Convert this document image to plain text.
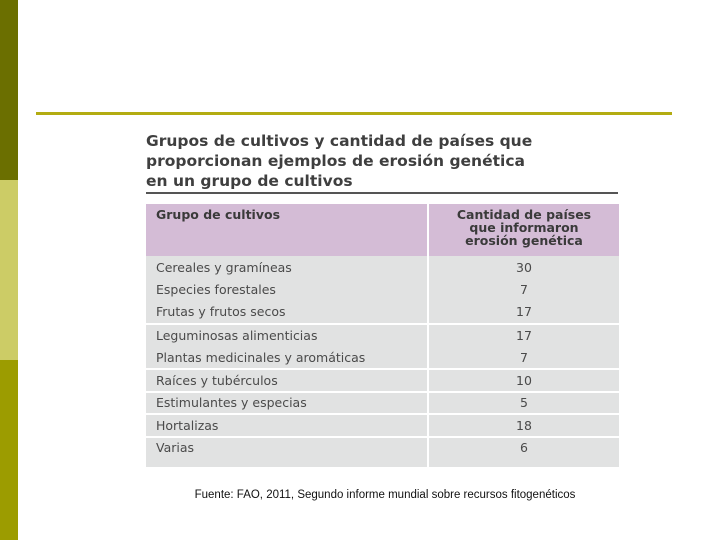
Grupos de cultivos y cantidad de países que
proporcionan ejemplos de erosión genética
en un grupo de cultivos
Grupo de cultivos	Cantidad de países
que informaron
erosión genética

Cereales y gramíneas	30
Especies forestales	7
Frutas y frutos secos	17
Leguminosas alimenticias	17
Plantas medicinales y aromáticas	7
Raíces y tubérculos	10
Estimulantes y especias	5
Hortalizas	18
Varias	6
Fuente: FAO, 2011, Segundo informe mundial sobre recursos fitogenéticos
